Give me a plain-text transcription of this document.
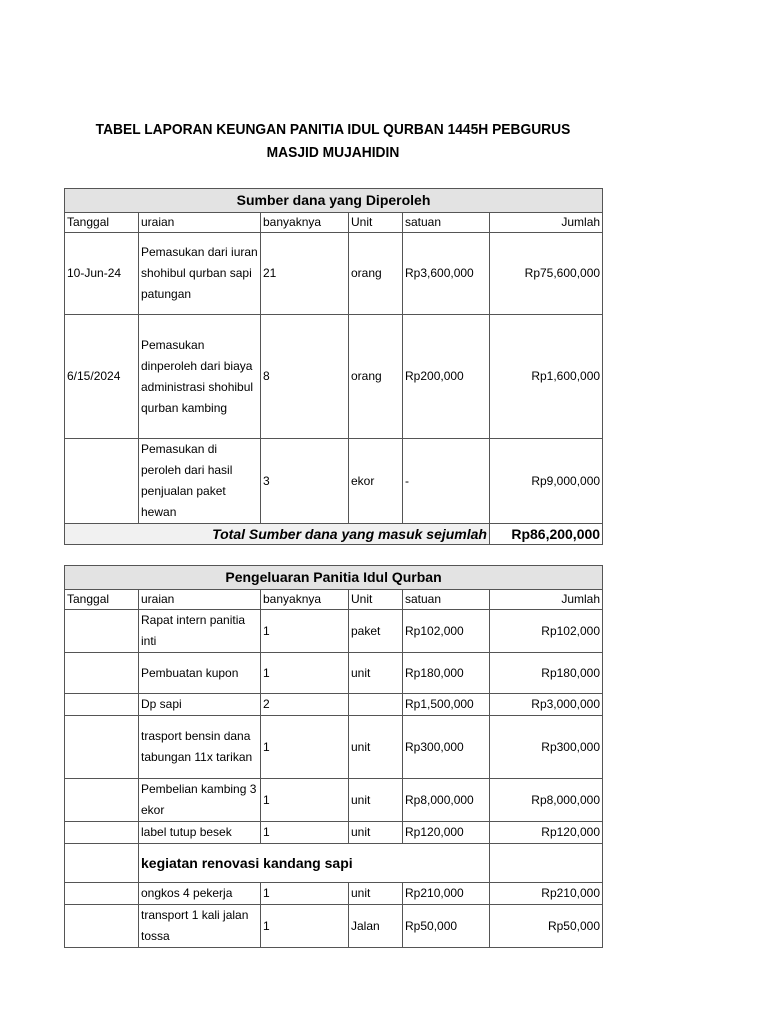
TABEL LAPORAN KEUNGAN PANITIA IDUL QURBAN 1445H PEBGURUS
MASJID MUJAHIDIN
Sumber dana yang Diperoleh					
Tanggal	uraian	banyaknya	Unit	satuan	Jumlah
10-Jun-24	Pemasukan dari iuran shohibul qurban sapi patungan	21	orang	Rp3,600,000	Rp75,600,000
6/15/2024	Pemasukan dinperoleh dari biaya administrasi shohibul qurban kambing	8	orang	Rp200,000	Rp1,600,000
	Pemasukan di peroleh dari hasil penjualan paket hewan	3	ekor	-	Rp9,000,000
Total Sumber dana yang masuk sejumlah					Rp86,200,000
Pengeluaran Panitia Idul Qurban					
Tanggal	uraian	banyaknya	Unit	satuan	Jumlah
	Rapat intern panitia inti	1	paket	Rp102,000	Rp102,000
	Pembuatan kupon	1	unit	Rp180,000	Rp180,000
	Dp sapi	2		Rp1,500,000	Rp3,000,000
	trasport bensin dana tabungan 11x tarikan	1	unit	Rp300,000	Rp300,000
	Pembelian kambing 3 ekor	1	unit	Rp8,000,000	Rp8,000,000
	label tutup besek	1	unit	Rp120,000	Rp120,000
	kegiatan renovasi kandang sapi				
	ongkos 4 pekerja	1	unit	Rp210,000	Rp210,000
	transport 1 kali jalan tossa	1	Jalan	Rp50,000	Rp50,000
